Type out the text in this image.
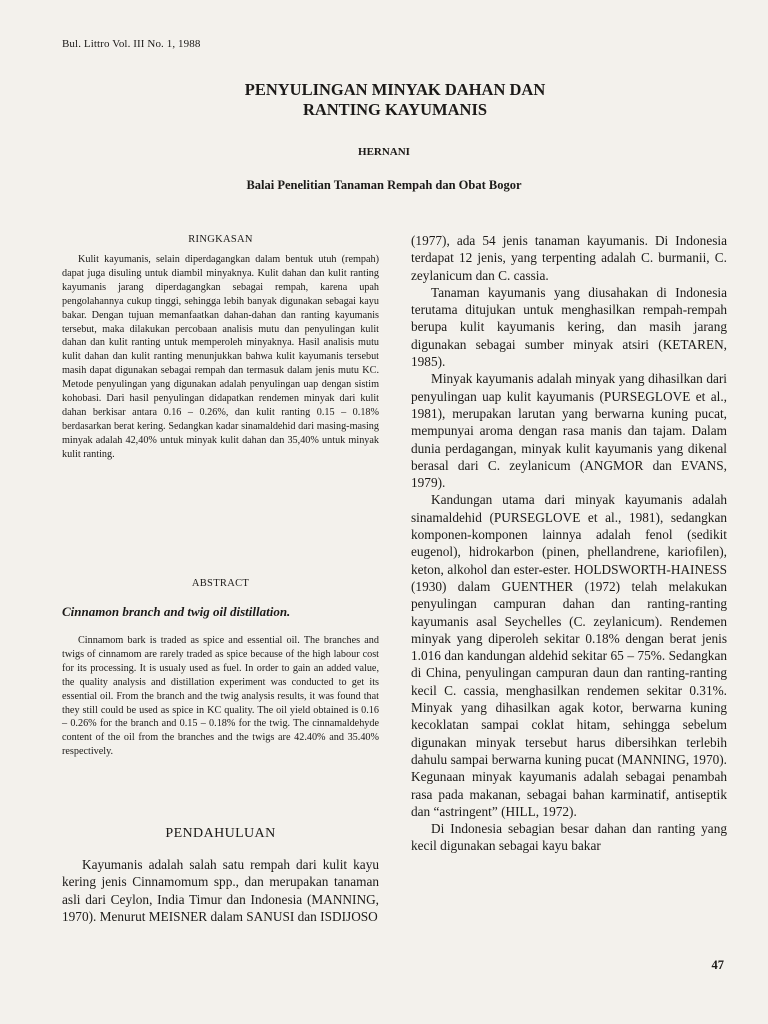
Bul. Littro Vol. III No. 1, 1988

PENYULINGAN MINYAK DAHAN DAN

RANTING KAYUMANIS

HERNANI
Balai Penelitian Tanaman Rempah dan Obat Bogor

RINGKASAN

Kulit kayumanis, selain diperdagangkan dalam bentuk utuh (rempah) dapat juga disuling untuk diambil minyaknya. Kulit dahan dan kulit ranting kayumanis jarang diperdagangkan sebagai rempah, karena upah pengolahannya cukup tinggi, sehingga lebih banyak digunakan sebagai kayu bakar. Dengan tujuan memanfaatkan dahan-dahan dan ranting kayumanis tersebut, maka dilakukan percobaan analisis mutu dan penyulingan kulit dahan dan kulit ranting untuk memperoleh minyaknya. Hasil analisis mutu kulit dahan dan kulit ranting menunjukkan bahwa kulit kayumanis tersebut masih dapat digunakan sebagai rempah dan termasuk dalam jenis mutu KC. Metode penyulingan yang digunakan adalah penyulingan uap dengan sistim kohobasi. Dari hasil penyulingan didapatkan rendemen minyak dari kulit dahan berkisar antara 0.16 – 0.26%, dan kulit ranting 0.15 – 0.18% berdasarkan berat kering. Sedangkan kadar sinamaldehid dari masing-masing minyak adalah 42,40% untuk minyak kulit dahan dan 35,40% untuk minyak kulit ranting.

ABSTRACT

Cinnamon branch and twig oil distillation.

Cinnamom bark is traded as spice and essential oil. The branches and twigs of cinnamom are rarely traded as spice because of the high labour cost for its processing. It is usualy used as fuel. In order to gain an added value, the quality analysis and distillation experiment was conducted to get its essential oil. From the branch and the twig analysis results, it was found that they still could be used as spice in KC quality. The oil yield obtained is 0.16 – 0.26% for the branch and 0.15 – 0.18% for the twig. The cinnamaldehyde content of the oil from the branches and the twigs are 42.40% and 35.40% respectively.

PENDAHULUAN

Kayumanis adalah salah satu rempah dari kulit kayu kering jenis Cinnamomum spp., dan merupakan tanaman asli dari Ceylon, India Timur dan Indonesia (MANNING, 1970). Menurut MEISNER dalam SANUSI dan ISDIJOSO

(1977), ada 54 jenis tanaman kayumanis. Di Indonesia terdapat 12 jenis, yang terpenting adalah C. burmanii, C. zeylanicum dan C. cassia.

Tanaman kayumanis yang diusahakan di Indonesia terutama ditujukan untuk menghasilkan rempah-rempah berupa kulit kayumanis kering, dan masih jarang digunakan sebagai sumber minyak atsiri (KETAREN, 1985).

Minyak kayumanis adalah minyak yang dihasilkan dari penyulingan uap kulit kayumanis (PURSEGLOVE et al., 1981), merupakan larutan yang berwarna kuning pucat, mempunyai aroma dengan rasa manis dan tajam. Dalam dunia perdagangan, minyak kulit kayumanis yang dikenal berasal dari C. zeylanicum (ANGMOR dan EVANS, 1979).

Kandungan utama dari minyak kayumanis adalah sinamaldehid (PURSEGLOVE et al., 1981), sedangkan komponen-komponen lainnya adalah fenol (sedikit eugenol), hidrokarbon (pinen, phellandrene, kariofilen), keton, alkohol dan ester-ester. HOLDSWORTH-HAINESS (1930) dalam GUENTHER (1972) telah melakukan penyulingan campuran dahan dan ranting-ranting kayumanis asal Seychelles (C. zeylanicum). Rendemen minyak yang diperoleh sekitar 0.18% dengan berat jenis 1.016 dan kandungan aldehid sekitar 65 – 75%. Sedangkan di China, penyulingan campuran daun dan ranting-ranting kecil C. cassia, menghasilkan rendemen sekitar 0.31%. Minyak yang dihasilkan agak kotor, berwarna kuning kecoklatan sampai coklat hitam, sehingga sebelum digunakan minyak tersebut harus dibersihkan terlebih dahulu sampai berwarna kuning pucat (MANNING, 1970). Kegunaan minyak kayumanis adalah sebagai penambah rasa pada makanan, sebagai bahan karminatif, antiseptik dan “astringent” (HILL, 1972).

Di Indonesia sebagian besar dahan dan ranting yang kecil digunakan sebagai kayu bakar

47
